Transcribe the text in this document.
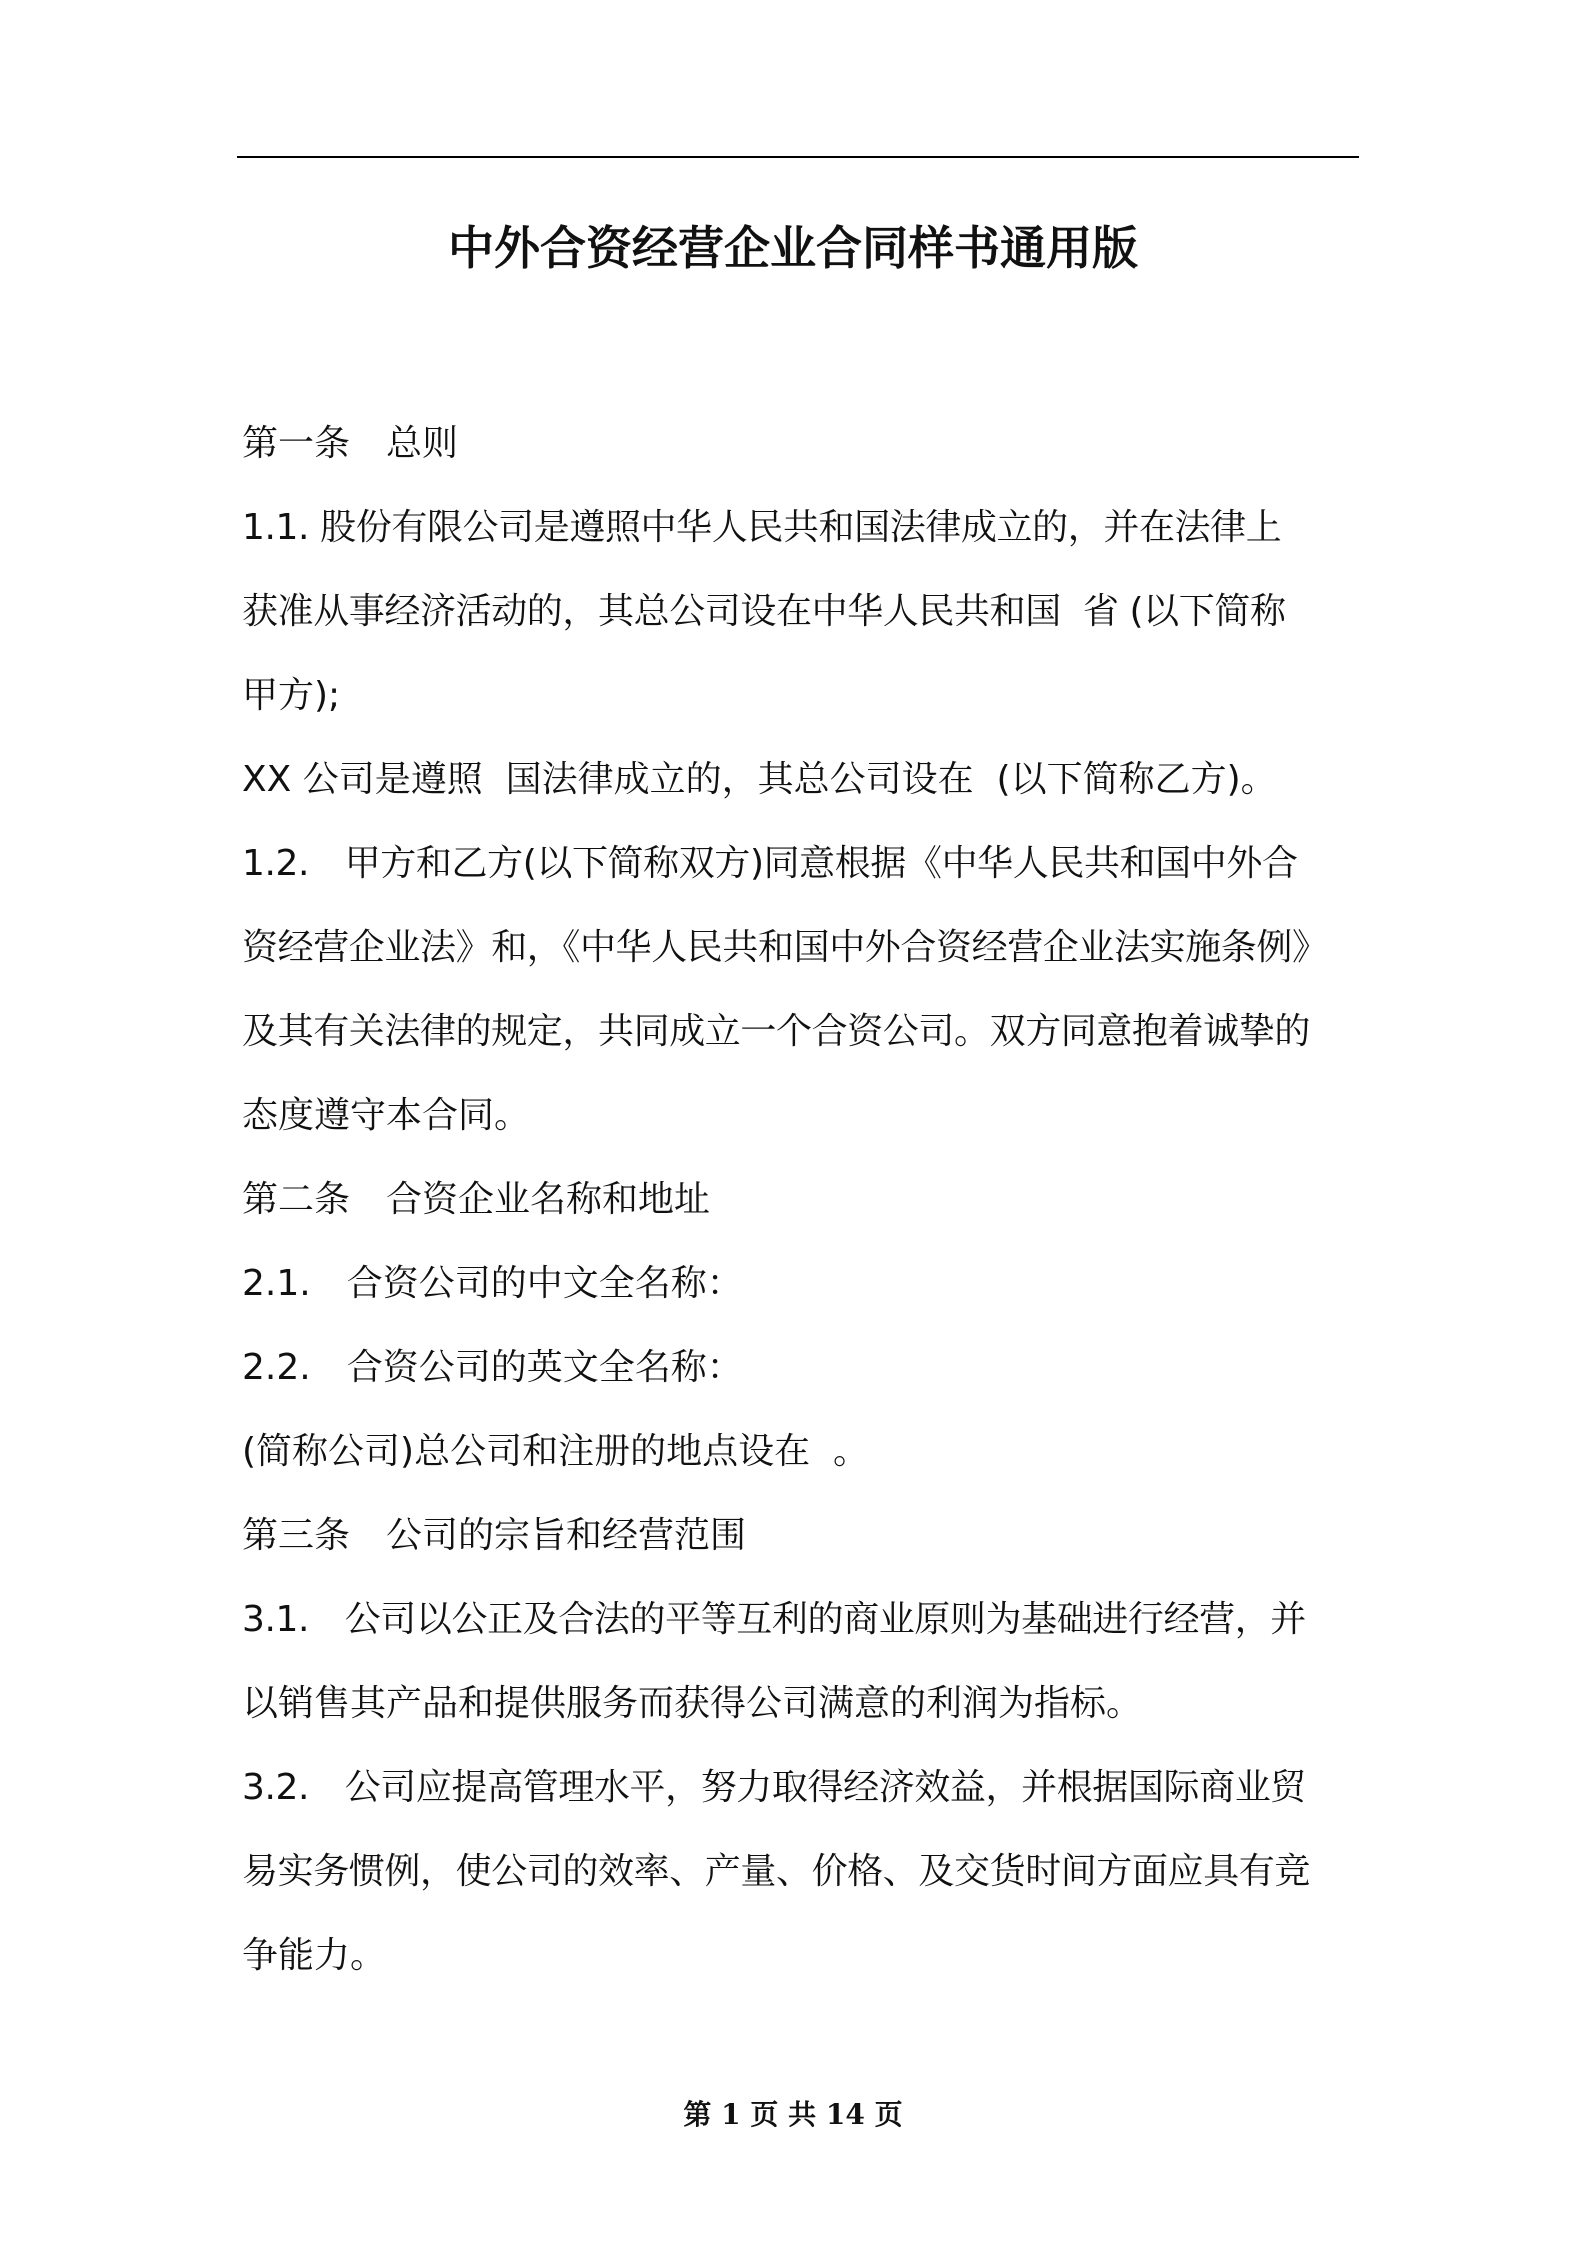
中外合资经营企业合同样书通用版
第一条　总则
1.1. 股份有限公司是遵照中华人民共和国法律成立的，并在法律上
获准从事经济活动的，其总公司设在中华人民共和国  省 (以下简称
甲方);
XX 公司是遵照  国法律成立的，其总公司设在  (以下简称乙方)。
1.2.　甲方和乙方(以下简称双方)同意根据《中华人民共和国中外合
资经营企业法》和，《中华人民共和国中外合资经营企业法实施条例》
及其有关法律的规定，共同成立一个合资公司。双方同意抱着诚挚的
态度遵守本合同。
第二条　合资企业名称和地址
2.1.　合资公司的中文全名称：
2.2.　合资公司的英文全名称：
(简称公司)总公司和注册的地点设在  。
第三条　公司的宗旨和经营范围
3.1.　公司以公正及合法的平等互利的商业原则为基础进行经营，并
以销售其产品和提供服务而获得公司满意的利润为指标。
3.2.　公司应提高管理水平，努力取得经济效益，并根据国际商业贸
易实务惯例，使公司的效率、产量、价格、及交货时间方面应具有竞
争能力。
第 1 页 共 14 页
